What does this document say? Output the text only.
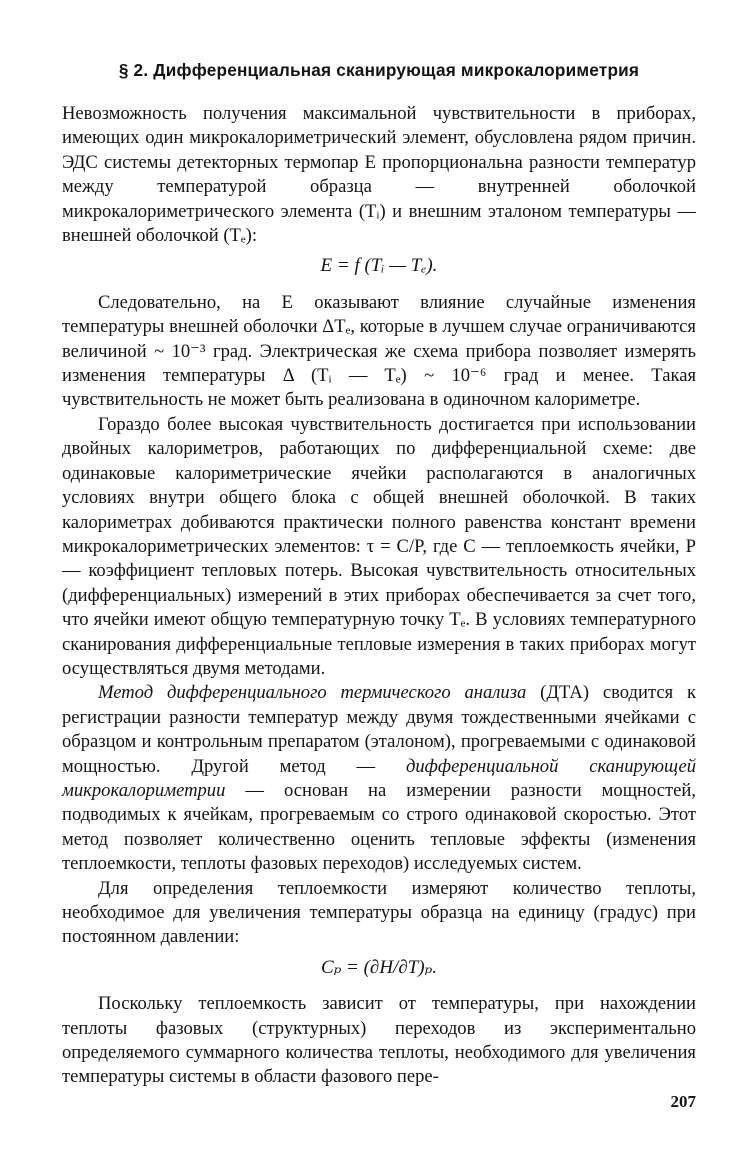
§ 2. Дифференциальная сканирующая микрокалориметрия

Невозможность получения максимальной чувствительности в приборах, имеющих один микрокалориметрический элемент, обусловлена рядом причин. ЭДС системы детекторных термопар E пропорциональна разности температур между температурой образца — внутренней оболочкой микрокалориметрического элемента (Tᵢ) и внешним эталоном температуры — внешней оболочкой (Tₑ):

E = f (Tᵢ — Tₑ).

Следовательно, на E оказывают влияние случайные изменения температуры внешней оболочки ΔTₑ, которые в лучшем случае ограничиваются величиной ~ 10⁻³ град. Электрическая же схема прибора позволяет измерять изменения температуры Δ (Tᵢ — Tₑ) ~ 10⁻⁶ град и менее. Такая чувствительность не может быть реализована в одиночном калориметре.

Гораздо более высокая чувствительность достигается при использовании двойных калориметров, работающих по дифференциальной схеме: две одинаковые калориметрические ячейки располагаются в аналогичных условиях внутри общего блока с общей внешней оболочкой. В таких калориметрах добиваются практически полного равенства констант времени микрокалориметрических элементов: τ = C/P, где C — теплоемкость ячейки, P — коэффициент тепловых потерь. Высокая чувствительность относительных (дифференциальных) измерений в этих приборах обеспечивается за счет того, что ячейки имеют общую температурную точку Tₑ. В условиях температурного сканирования дифференциальные тепловые измерения в таких приборах могут осуществляться двумя методами.

Метод дифференциального термического анализа (ДТА) сводится к регистрации разности температур между двумя тождественными ячейками с образцом и контрольным препаратом (эталоном), прогреваемыми с одинаковой мощностью. Другой метод — дифференциальной сканирующей микрокалориметрии — основан на измерении разности мощностей, подводимых к ячейкам, прогреваемым со строго одинаковой скоростью. Этот метод позволяет количественно оценить тепловые эффекты (изменения теплоемкости, теплоты фазовых переходов) исследуемых систем.

Для определения теплоемкости измеряют количество теплоты, необходимое для увеличения температуры образца на единицу (градус) при постоянном давлении:

Cₚ = (∂H/∂T)ₚ.

Поскольку теплоемкость зависит от температуры, при нахождении теплоты фазовых (структурных) переходов из экспериментально определяемого суммарного количества теплоты, необходимого для увеличения температуры системы в области фазового пере-

207
